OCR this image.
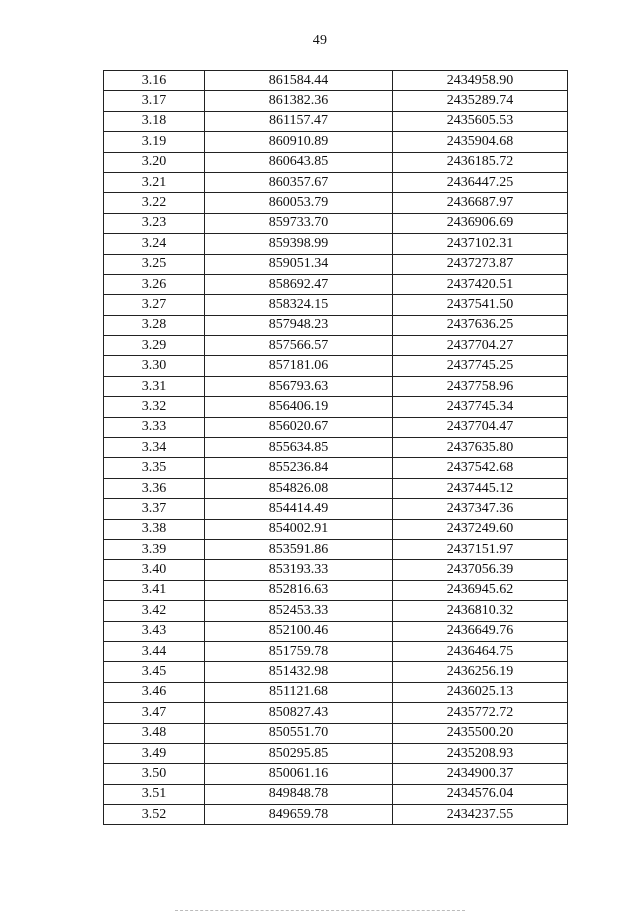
49
3.16	861584.44	2434958.90
3.17	861382.36	2435289.74
3.18	861157.47	2435605.53
3.19	860910.89	2435904.68
3.20	860643.85	2436185.72
3.21	860357.67	2436447.25
3.22	860053.79	2436687.97
3.23	859733.70	2436906.69
3.24	859398.99	2437102.31
3.25	859051.34	2437273.87
3.26	858692.47	2437420.51
3.27	858324.15	2437541.50
3.28	857948.23	2437636.25
3.29	857566.57	2437704.27
3.30	857181.06	2437745.25
3.31	856793.63	2437758.96
3.32	856406.19	2437745.34
3.33	856020.67	2437704.47
3.34	855634.85	2437635.80
3.35	855236.84	2437542.68
3.36	854826.08	2437445.12
3.37	854414.49	2437347.36
3.38	854002.91	2437249.60
3.39	853591.86	2437151.97
3.40	853193.33	2437056.39
3.41	852816.63	2436945.62
3.42	852453.33	2436810.32
3.43	852100.46	2436649.76
3.44	851759.78	2436464.75
3.45	851432.98	2436256.19
3.46	851121.68	2436025.13
3.47	850827.43	2435772.72
3.48	850551.70	2435500.20
3.49	850295.85	2435208.93
3.50	850061.16	2434900.37
3.51	849848.78	2434576.04
3.52	849659.78	2434237.55
